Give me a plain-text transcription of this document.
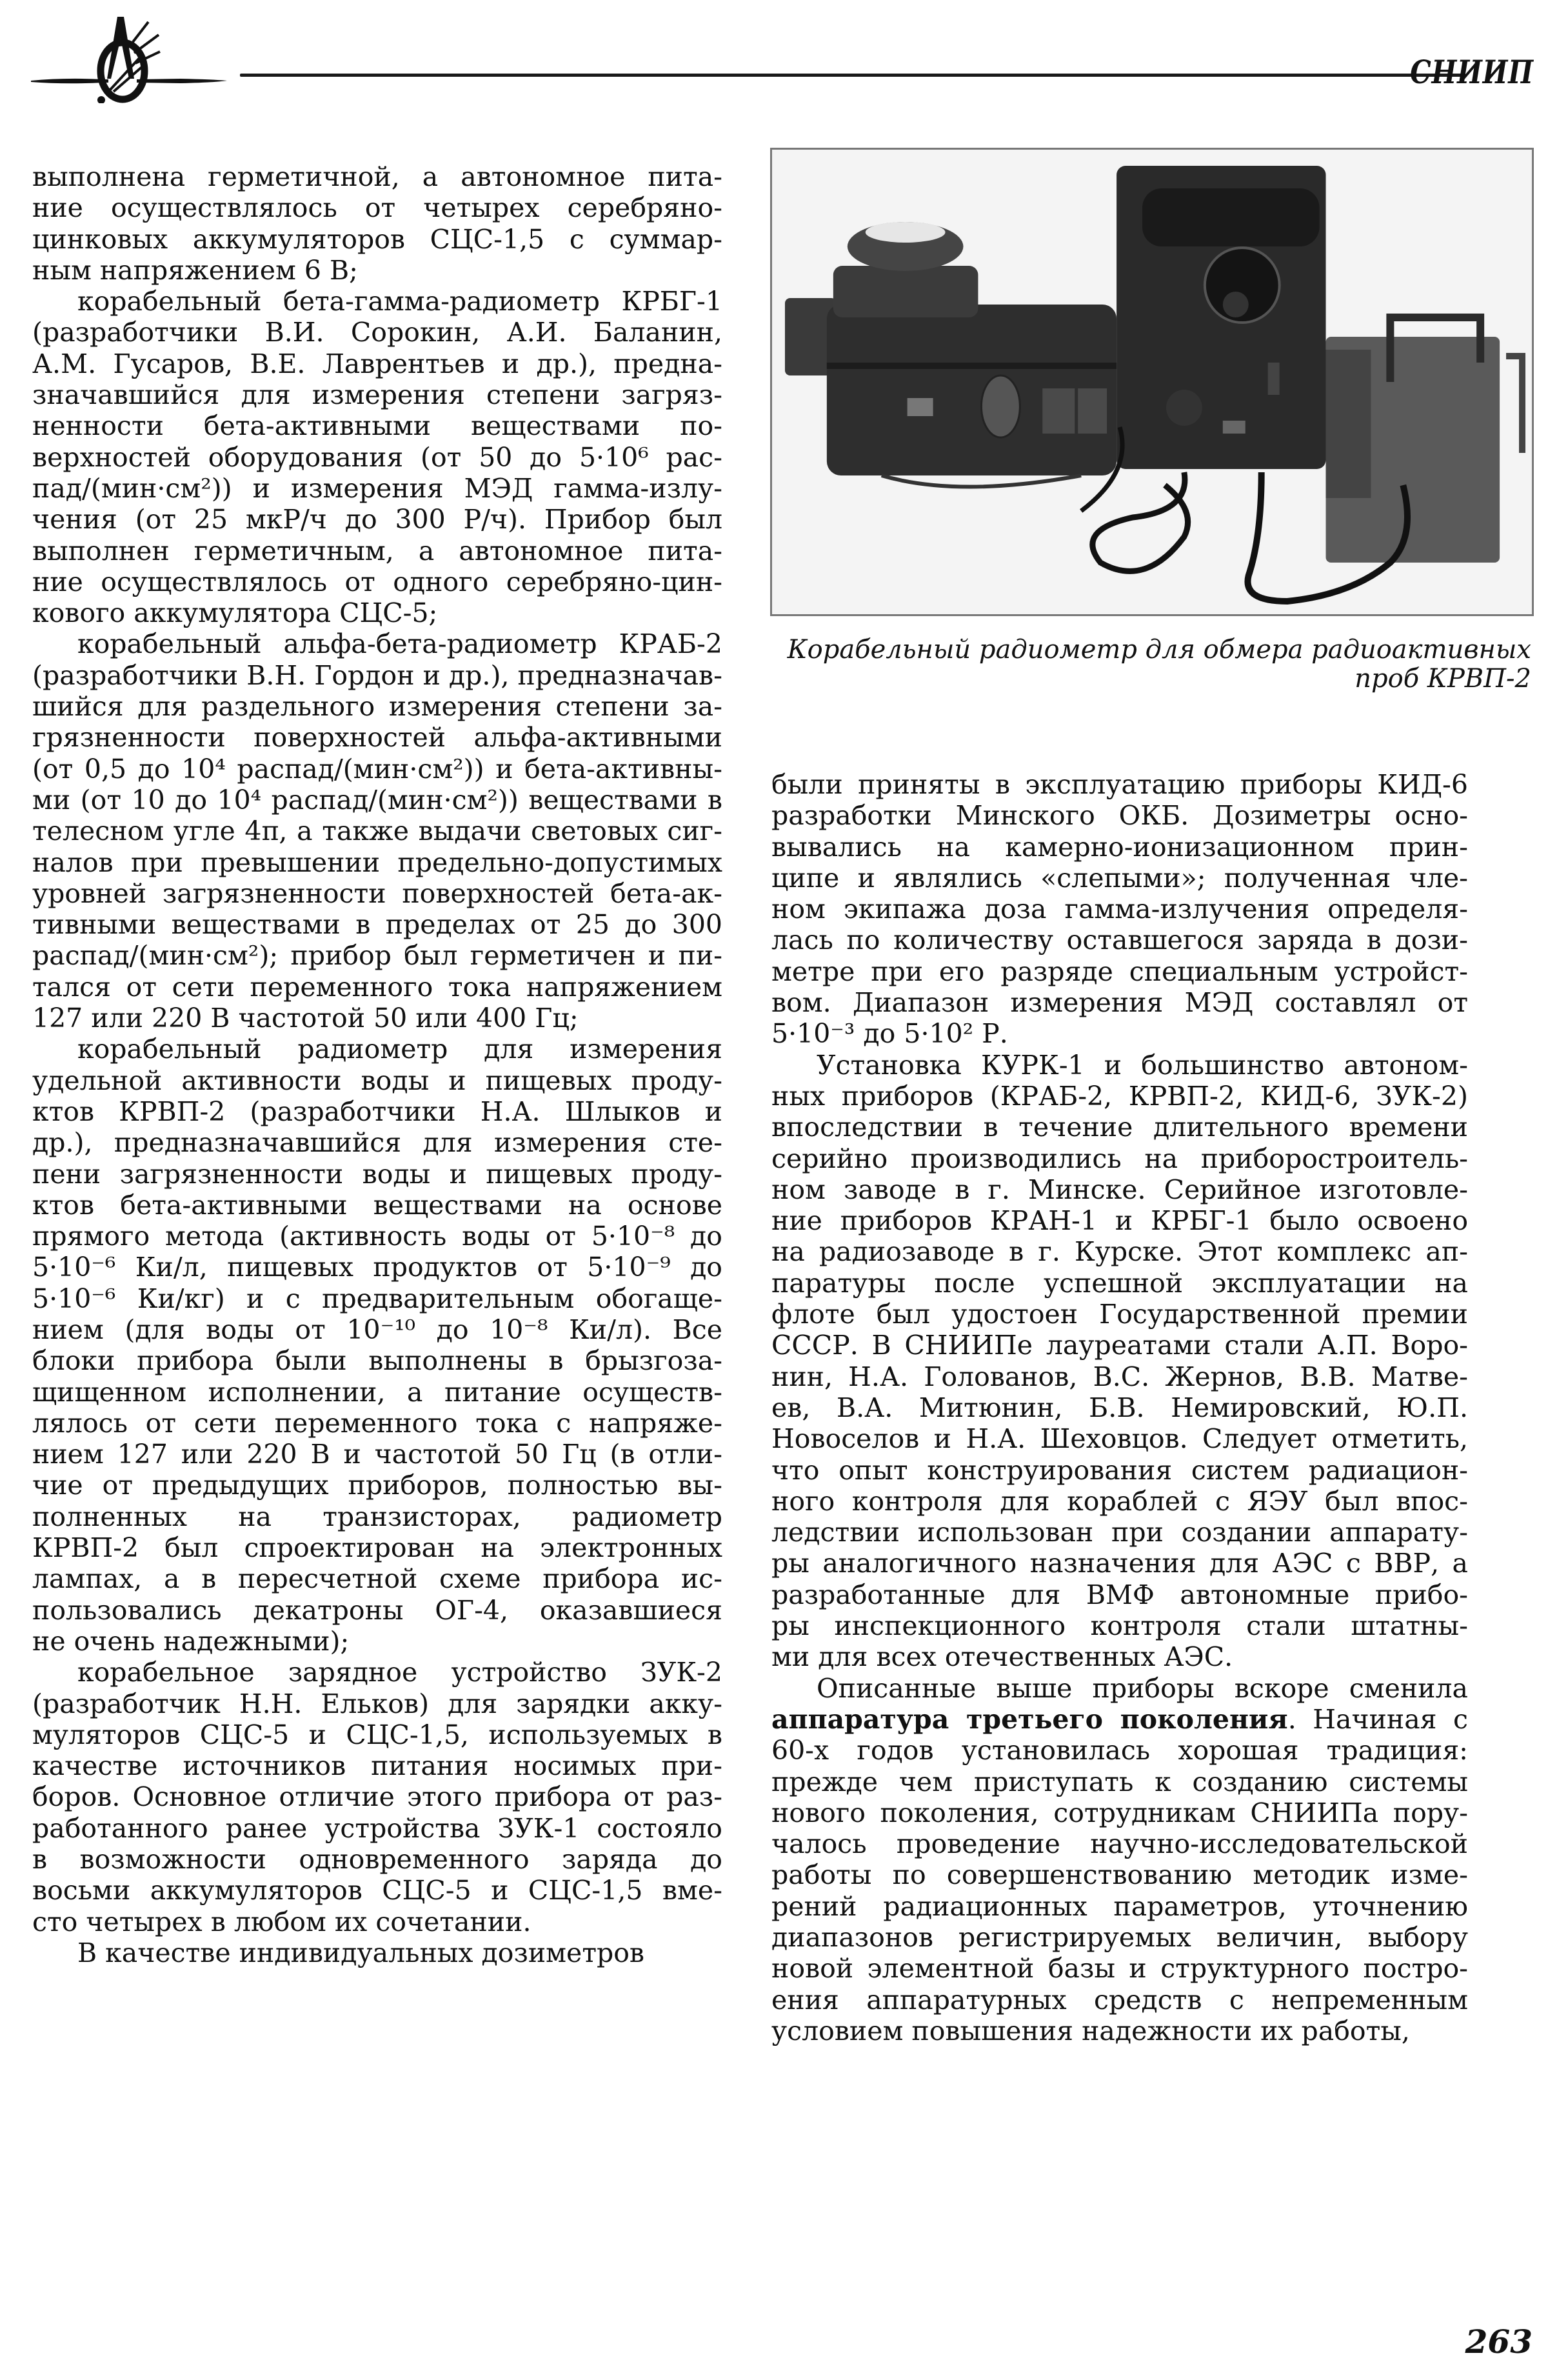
СНИИП

выполнена герметичной, а автономное пита-
ние осуществлялось от четырех серебряно-
цинковых аккумуляторов СЦС-1,5 с суммар-
ным напряжением 6 В;

корабельный бета-гамма-радиометр КРБГ-1
(разработчики В.И. Сорокин, А.И. Баланин,
А.М. Гусаров, В.Е. Лаврентьев и др.), предна-
значавшийся для измерения степени загряз-
ненности бета-активными веществами по-
верхностей оборудования (от 50 до 5·10⁶ рас-
пад/(мин·см²)) и измерения МЭД гамма-излу-
чения (от 25 мкР/ч до 300 Р/ч). Прибор был
выполнен герметичным, а автономное пита-
ние осуществлялось от одного серебряно-цин-
кового аккумулятора СЦС-5;

корабельный альфа-бета-радиометр КРАБ-2
(разработчики В.Н. Гордон и др.), предназначав-
шийся для раздельного измерения степени за-
грязненности поверхностей альфа-активными
(от 0,5 до 10⁴ распад/(мин·см²)) и бета-активны-
ми (от 10 до 10⁴ распад/(мин·см²)) веществами в
телесном угле 4π, а также выдачи световых сиг-
налов при превышении предельно-допустимых
уровней загрязненности поверхностей бета-ак-
тивными веществами в пределах от 25 до 300
распад/(мин·см²); прибор был герметичен и пи-
тался от сети переменного тока напряжением
127 или 220 В частотой 50 или 400 Гц;

корабельный радиометр для измерения
удельной активности воды и пищевых проду-
ктов КРВП-2 (разработчики Н.А. Шлыков и
др.), предназначавшийся для измерения сте-
пени загрязненности воды и пищевых проду-
ктов бета-активными веществами на основе
прямого метода (активность воды от 5·10⁻⁸ до
5·10⁻⁶ Ки/л, пищевых продуктов от 5·10⁻⁹ до
5·10⁻⁶ Ки/кг) и с предварительным обогаще-
нием (для воды от 10⁻¹⁰ до 10⁻⁸ Ки/л). Все
блоки прибора были выполнены в брызгоза-
щищенном исполнении, а питание осуществ-
лялось от сети переменного тока с напряже-
нием 127 или 220 В и частотой 50 Гц (в отли-
чие от предыдущих приборов, полностью вы-
полненных на транзисторах, радиометр
КРВП-2 был спроектирован на электронных
лампах, а в пересчетной схеме прибора ис-
пользовались декатроны ОГ-4, оказавшиеся
не очень надежными);

корабельное зарядное устройство ЗУК-2
(разработчик Н.Н. Ельков) для зарядки акку-
муляторов СЦС-5 и СЦС-1,5, используемых в
качестве источников питания носимых при-
боров. Основное отличие этого прибора от раз-
работанного ранее устройства ЗУК-1 состояло
в возможности одновременного заряда до
восьми аккумуляторов СЦС-5 и СЦС-1,5 вме-
сто четырех в любом их сочетании.

В качестве индивидуальных дозиметров

Корабельный радиометр для обмера радиоактивных
проб КРВП-2

были приняты в эксплуатацию приборы КИД-6
разработки Минского ОКБ. Дозиметры осно-
вывались на камерно-ионизационном прин-
ципе и являлись «слепыми»; полученная чле-
ном экипажа доза гамма-излучения определя-
лась по количеству оставшегося заряда в дози-
метре при его разряде специальным устройст-
вом. Диапазон измерения МЭД составлял от
5·10⁻³ до 5·10² Р.

Установка КУРК-1 и большинство автоном-
ных приборов (КРАБ-2, КРВП-2, КИД-6, ЗУК-2)
впоследствии в течение длительного времени
серийно производились на приборостроитель-
ном заводе в г. Минске. Серийное изготовле-
ние приборов КРАН-1 и КРБГ-1 было освоено
на радиозаводе в г. Курске. Этот комплекс ап-
паратуры после успешной эксплуатации на
флоте был удостоен Государственной премии
СССР. В СНИИПе лауреатами стали А.П. Воро-
нин, Н.А. Голованов, В.С. Жернов, В.В. Матве-
ев, В.А. Митюнин, Б.В. Немировский, Ю.П.
Новоселов и Н.А. Шеховцов. Следует отметить,
что опыт конструирования систем радиацион-
ного контроля для кораблей с ЯЭУ был впос-
ледствии использован при создании аппарату-
ры аналогичного назначения для АЭС с ВВР, а
разработанные для ВМФ автономные прибо-
ры инспекционного контроля стали штатны-
ми для всех отечественных АЭС.

Описанные выше приборы вскоре сменила
аппаратура третьего поколения. Начиная с
60-х годов установилась хорошая традиция:
прежде чем приступать к созданию системы
нового поколения, сотрудникам СНИИПа пору-
чалось проведение научно-исследовательской
работы по совершенствованию методик изме-
рений радиационных параметров, уточнению
диапазонов регистрируемых величин, выбору
новой элементной базы и структурного постро-
ения аппаратурных средств с непременным
условием повышения надежности их работы,

263
